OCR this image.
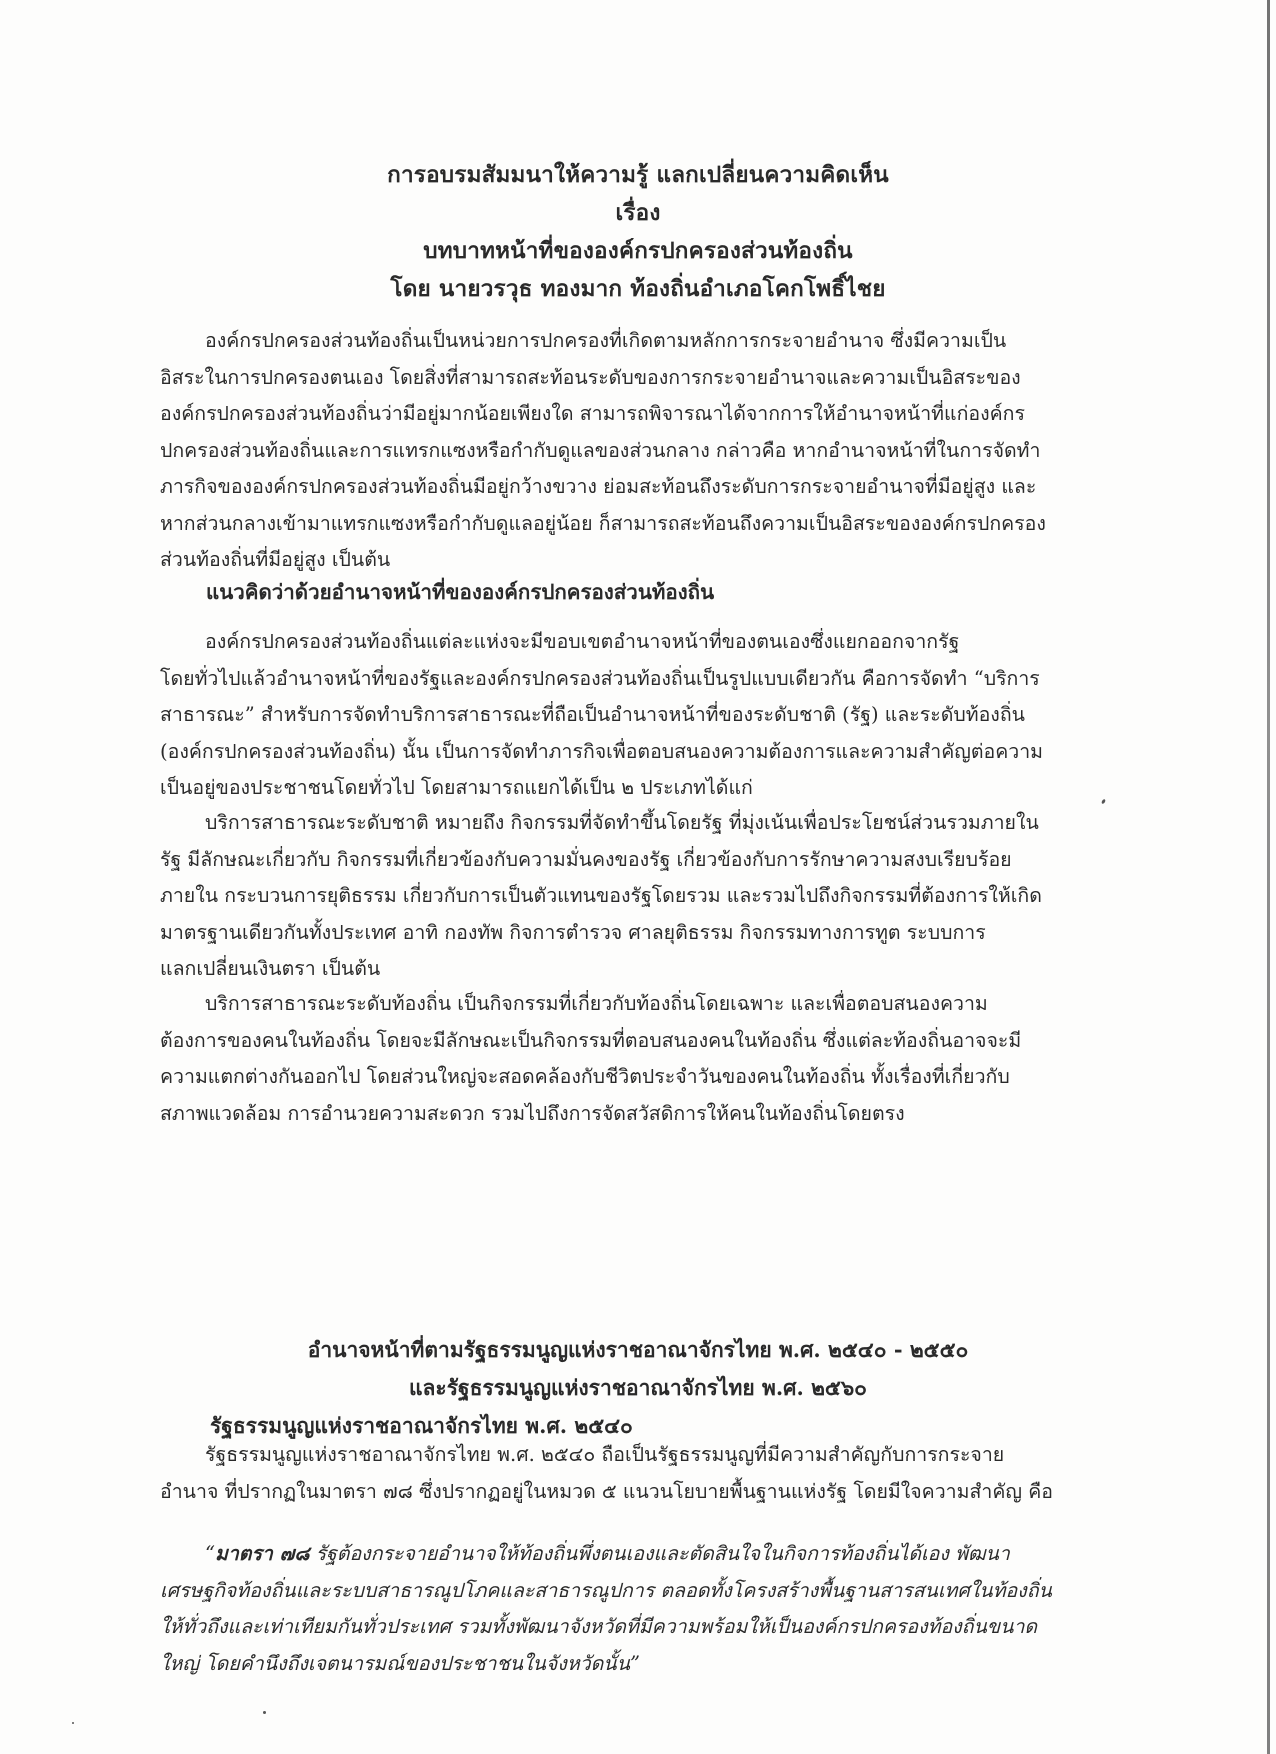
การอบรมสัมมนาให้ความรู้ แลกเปลี่ยนความคิดเห็น
เรื่อง
บทบาทหน้าที่ขององค์กรปกครองส่วนท้องถิ่น
โดย นายวรวุธ ทองมาก ท้องถิ่นอำเภอโคกโพธิ์ไชย
องค์กรปกครองส่วนท้องถิ่นเป็นหน่วยการปกครองที่เกิดตามหลักการกระจายอำนาจ ซึ่งมีความเป็น
อิสระในการปกครองตนเอง โดยสิ่งที่สามารถสะท้อนระดับของการกระจายอำนาจและความเป็นอิสระของ
องค์กรปกครองส่วนท้องถิ่นว่ามีอยู่มากน้อยเพียงใด สามารถพิจารณาได้จากการให้อำนาจหน้าที่แก่องค์กร
ปกครองส่วนท้องถิ่นและการแทรกแซงหรือกำกับดูแลของส่วนกลาง กล่าวคือ หากอำนาจหน้าที่ในการจัดทำ
ภารกิจขององค์กรปกครองส่วนท้องถิ่นมีอยู่กว้างขวาง ย่อมสะท้อนถึงระดับการกระจายอำนาจที่มีอยู่สูง และ
หากส่วนกลางเข้ามาแทรกแซงหรือกำกับดูแลอยู่น้อย ก็สามารถสะท้อนถึงความเป็นอิสระขององค์กรปกครอง
ส่วนท้องถิ่นที่มีอยู่สูง เป็นต้น
แนวคิดว่าด้วยอำนาจหน้าที่ขององค์กรปกครองส่วนท้องถิ่น
องค์กรปกครองส่วนท้องถิ่นแต่ละแห่งจะมีขอบเขตอำนาจหน้าที่ของตนเองซึ่งแยกออกจากรัฐ
โดยทั่วไปแล้วอำนาจหน้าที่ของรัฐและองค์กรปกครองส่วนท้องถิ่นเป็นรูปแบบเดียวกัน คือการจัดทำ “บริการ
สาธารณะ” สำหรับการจัดทำบริการสาธารณะที่ถือเป็นอำนาจหน้าที่ของระดับชาติ (รัฐ) และระดับท้องถิ่น
(องค์กรปกครองส่วนท้องถิ่น) นั้น เป็นการจัดทำภารกิจเพื่อตอบสนองความต้องการและความสำคัญต่อความ
เป็นอยู่ของประชาชนโดยทั่วไป โดยสามารถแยกได้เป็น ๒ ประเภทได้แก่
บริการสาธารณะระดับชาติ หมายถึง กิจกรรมที่จัดทำขึ้นโดยรัฐ ที่มุ่งเน้นเพื่อประโยชน์ส่วนรวมภายใน
รัฐ มีลักษณะเกี่ยวกับ กิจกรรมที่เกี่ยวข้องกับความมั่นคงของรัฐ เกี่ยวข้องกับการรักษาความสงบเรียบร้อย
ภายใน กระบวนการยุติธรรม เกี่ยวกับการเป็นตัวแทนของรัฐโดยรวม และรวมไปถึงกิจกรรมที่ต้องการให้เกิด
มาตรฐานเดียวกันทั้งประเทศ อาทิ กองทัพ กิจการตำรวจ ศาลยุติธรรม กิจกรรมทางการทูต ระบบการ
แลกเปลี่ยนเงินตรา เป็นต้น
บริการสาธารณะระดับท้องถิ่น เป็นกิจกรรมที่เกี่ยวกับท้องถิ่นโดยเฉพาะ และเพื่อตอบสนองความ
ต้องการของคนในท้องถิ่น โดยจะมีลักษณะเป็นกิจกรรมที่ตอบสนองคนในท้องถิ่น ซึ่งแต่ละท้องถิ่นอาจจะมี
ความแตกต่างกันออกไป โดยส่วนใหญ่จะสอดคล้องกับชีวิตประจำวันของคนในท้องถิ่น ทั้งเรื่องที่เกี่ยวกับ
สภาพแวดล้อม การอำนวยความสะดวก รวมไปถึงการจัดสวัสดิการให้คนในท้องถิ่นโดยตรง
อำนาจหน้าที่ตามรัฐธรรมนูญแห่งราชอาณาจักรไทย พ.ศ. ๒๕๔๐ - ๒๕๕๐
และรัฐธรรมนูญแห่งราชอาณาจักรไทย พ.ศ. ๒๕๖๐
รัฐธรรมนูญแห่งราชอาณาจักรไทย พ.ศ. ๒๕๔๐
รัฐธรรมนูญแห่งราชอาณาจักรไทย พ.ศ. ๒๕๔๐ ถือเป็นรัฐธรรมนูญที่มีความสำคัญกับการกระจาย
อำนาจ ที่ปรากฏในมาตรา ๗๘ ซึ่งปรากฏอยู่ในหมวด ๕ แนวนโยบายพื้นฐานแห่งรัฐ โดยมีใจความสำคัญ คือ
“มาตรา ๗๘ รัฐต้องกระจายอำนาจให้ท้องถิ่นพึ่งตนเองและตัดสินใจในกิจการท้องถิ่นได้เอง พัฒนา
เศรษฐกิจท้องถิ่นและระบบสาธารณูปโภคและสาธารณูปการ ตลอดทั้งโครงสร้างพื้นฐานสารสนเทศในท้องถิ่น
ให้ทั่วถึงและเท่าเทียมกันทั่วประเทศ รวมทั้งพัฒนาจังหวัดที่มีความพร้อมให้เป็นองค์กรปกครองท้องถิ่นขนาด
ใหญ่ โดยคำนึงถึงเจตนารมณ์ของประชาชนในจังหวัดนั้น”
